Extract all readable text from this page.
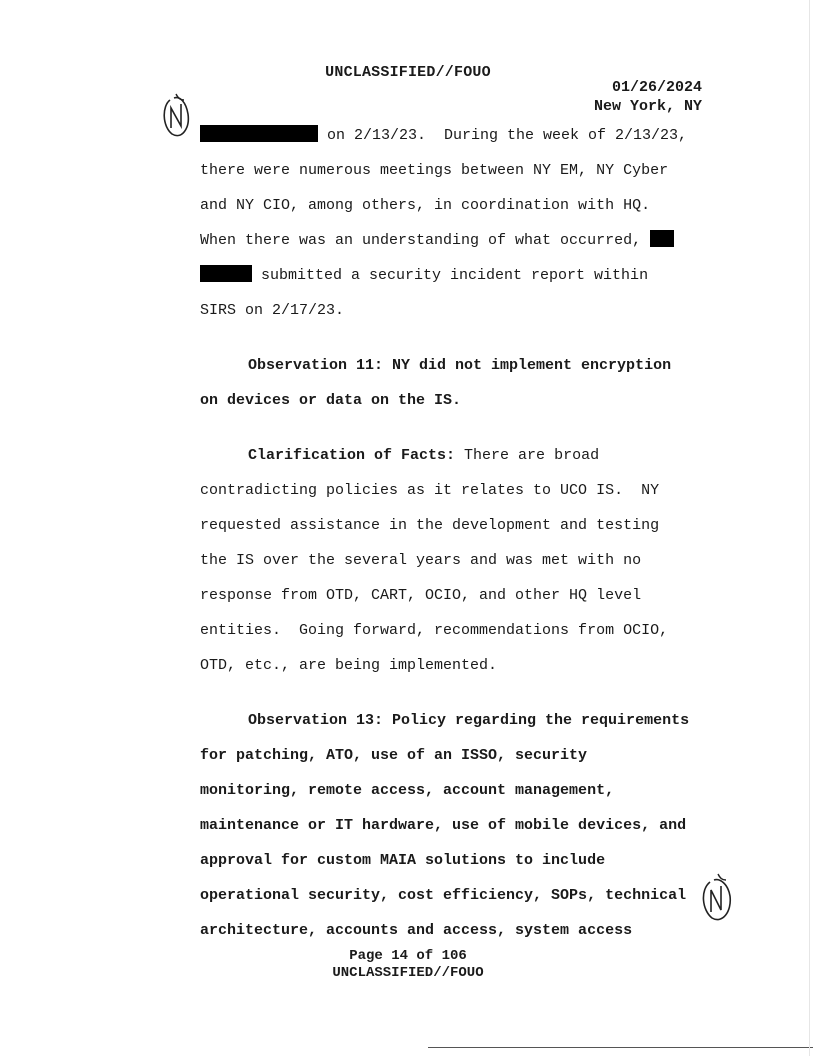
UNCLASSIFIED//FOUO
01/26/2024
New York, NY

on 2/13/23.  During the week of 2/13/23,
there were numerous meetings between NY EM, NY Cyber
and NY CIO, among others, in coordination with HQ.
When there was an understanding of what occurred,
submitted a security incident report within
SIRS on 2/17/23.

Observation 11: NY did not implement encryption
on devices or data on the IS.

Clarification of Facts: There are broad
contradicting policies as it relates to UCO IS.  NY
requested assistance in the development and testing
the IS over the several years and was met with no
response from OTD, CART, OCIO, and other HQ level
entities.  Going forward, recommendations from OCIO,
OTD, etc., are being implemented.

Observation 13: Policy regarding the requirements
for patching, ATO, use of an ISSO, security
monitoring, remote access, account management,
maintenance or IT hardware, use of mobile devices, and
approval for custom MAIA solutions to include
operational security, cost efficiency, SOPs, technical
architecture, accounts and access, system access

Page 14 of 106
UNCLASSIFIED//FOUO
